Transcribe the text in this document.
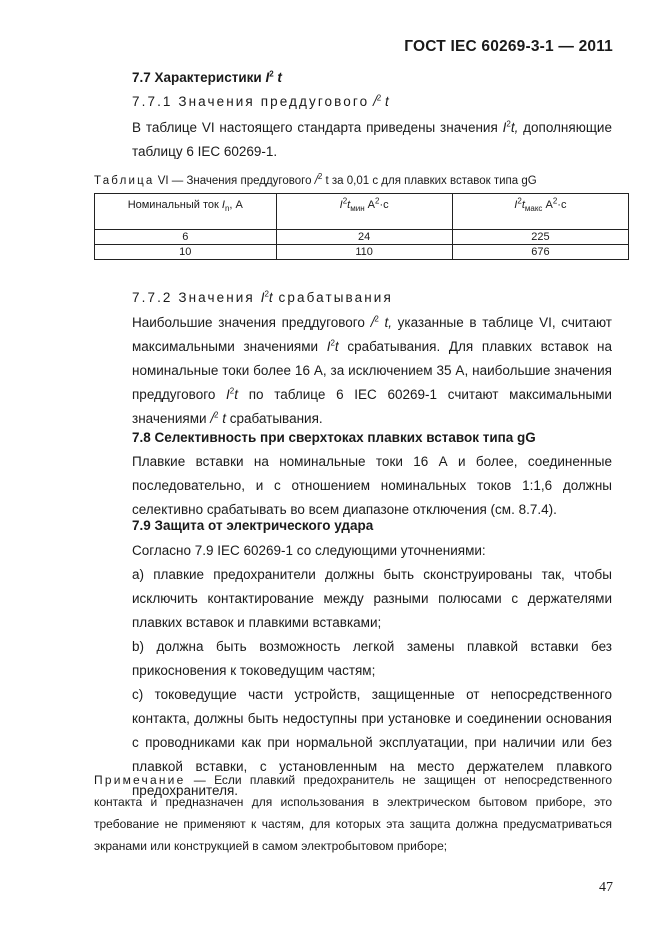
ГОСТ IEC 60269-3-1 — 2011
7.7 Характеристики $I^2$ t
7.7.1 Значения преддугового /$^2$ t
В таблице VI настоящего стандарта приведены значения $I^2t$, дополняющие таблицу 6 IEC 60269-1.
Таблица VI — Значения преддугового /$^2$ t за 0,01 с для плавких вставок типа gG
Номинальный ток $I_n$, А	$I^2t_{мин}$ $A^2\cdot c$	$I^2t_{макс}$ $A^2\cdot c$
6	24	225
10	110	676
7.7.2 Значения $I^2t$ срабатывания
Наибольшие значения преддугового /$^2$ t, указанные в таблице VI, считают максимальными значениями $I^2t$ срабатывания. Для плавких вставок на номинальные токи более 16 А, за исключением 35 А, наибольшие значения преддугового $I^2t$ по таблице 6 IEC 60269-1 считают максимальными значениями /$^2$ t срабатывания.
7.8 Селективность при сверхтоках плавких вставок типа gG
Плавкие вставки на номинальные токи 16 А и более, соединенные последовательно, и с отношением номинальных токов 1:1,6 должны селективно срабатывать во всем диапазоне отключения (см. 8.7.4).
7.9 Защита от электрического удара
Согласно 7.9 IEC 60269-1 со следующими уточнениями:
а) плавкие предохранители должны быть сконструированы так, чтобы исключить контактирование между разными полюсами с держателями плавких вставок и плавкими вставками;
b) должна быть возможность легкой замены плавкой вставки без прикосновения к токоведущим частям;
с) токоведущие части устройств, защищенные от непосредственного контакта, должны быть недоступны при установке и соединении основания с проводниками как при нормальной эксплуатации, при наличии или без плавкой вставки, с установленным на место держателем плавкого предохранителя.
Примечание — Если плавкий предохранитель не защищен от непосредственного контакта и предназначен для использования в электрическом бытовом приборе, это требование не применяют к частям, для которых эта защита должна предусматриваться экранами или конструкцией в самом электробытовом приборе;
47
